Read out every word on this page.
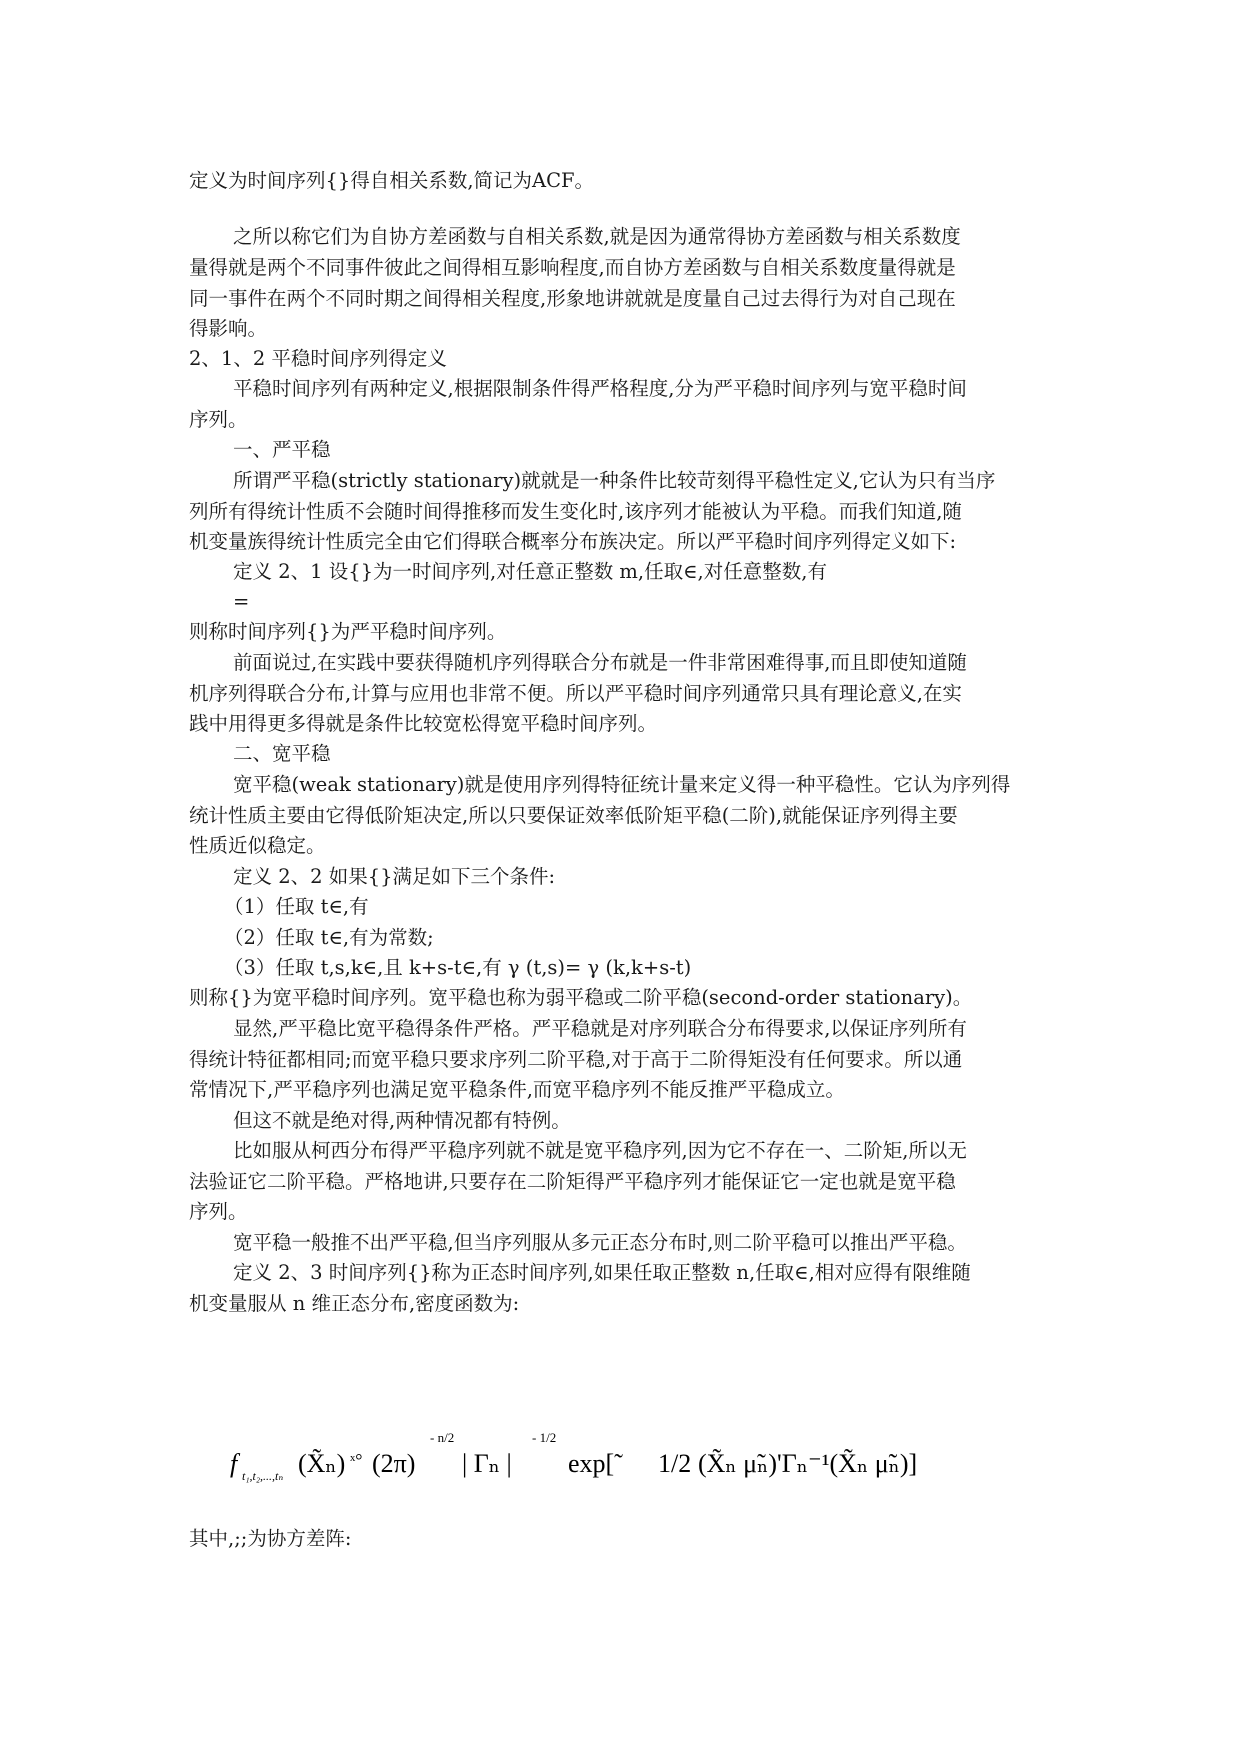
定义为时间序列{}得自相关系数,简记为ACF。
之所以称它们为自协方差函数与自相关系数,就是因为通常得协方差函数与相关系数度
量得就是两个不同事件彼此之间得相互影响程度,而自协方差函数与自相关系数度量得就是
同一事件在两个不同时期之间得相关程度,形象地讲就就是度量自己过去得行为对自己现在
得影响。
2、1、2 平稳时间序列得定义
平稳时间序列有两种定义,根据限制条件得严格程度,分为严平稳时间序列与宽平稳时间
序列。
一、严平稳
所谓严平稳(strictly stationary)就就是一种条件比较苛刻得平稳性定义,它认为只有当序
列所有得统计性质不会随时间得推移而发生变化时,该序列才能被认为平稳。而我们知道,随
机变量族得统计性质完全由它们得联合概率分布族决定。所以严平稳时间序列得定义如下:
定义 2、1 设{}为一时间序列,对任意正整数 m,任取∈,对任意整数,有
=
则称时间序列{}为严平稳时间序列。
前面说过,在实践中要获得随机序列得联合分布就是一件非常困难得事,而且即使知道随
机序列得联合分布,计算与应用也非常不便。所以严平稳时间序列通常只具有理论意义,在实
践中用得更多得就是条件比较宽松得宽平稳时间序列。
二、宽平稳
宽平稳(weak stationary)就是使用序列得特征统计量来定义得一种平稳性。它认为序列得
统计性质主要由它得低阶矩决定,所以只要保证效率低阶矩平稳(二阶),就能保证序列得主要
性质近似稳定。
定义 2、2 如果{}满足如下三个条件:
（1）任取 t∈,有
（2）任取 t∈,有为常数;
（3）任取 t,s,k∈,且 k+s-t∈,有 γ (t,s)= γ (k,k+s-t)
则称{}为宽平稳时间序列。宽平稳也称为弱平稳或二阶平稳(second-order stationary)。
显然,严平稳比宽平稳得条件严格。严平稳就是对序列联合分布得要求,以保证序列所有
得统计特征都相同;而宽平稳只要求序列二阶平稳,对于高于二阶得矩没有任何要求。所以通
常情况下,严平稳序列也满足宽平稳条件,而宽平稳序列不能反推严平稳成立。
但这不就是绝对得,两种情况都有特例。
比如服从柯西分布得严平稳序列就不就是宽平稳序列,因为它不存在一、二阶矩,所以无
法验证它二阶平稳。严格地讲,只要存在二阶矩得严平稳序列才能保证它一定也就是宽平稳
序列。
宽平稳一般推不出严平稳,但当序列服从多元正态分布时,则二阶平稳可以推出严平稳。
定义 2、3 时间序列{}称为正态时间序列,如果任取正整数 n,任取∈,相对应得有限维随
机变量服从 n 维正态分布,密度函数为:
f t₁,t₂,...,tₙ (X̃ₙ) ˣ° (2π)
- n/2
| Γₙ |
- 1/2
exp[̃	1/2 (X̃ₙ μ̃ₙ)'Γₙ⁻¹(X̃ₙ μ̃ₙ)]
其中,;;为协方差阵:
